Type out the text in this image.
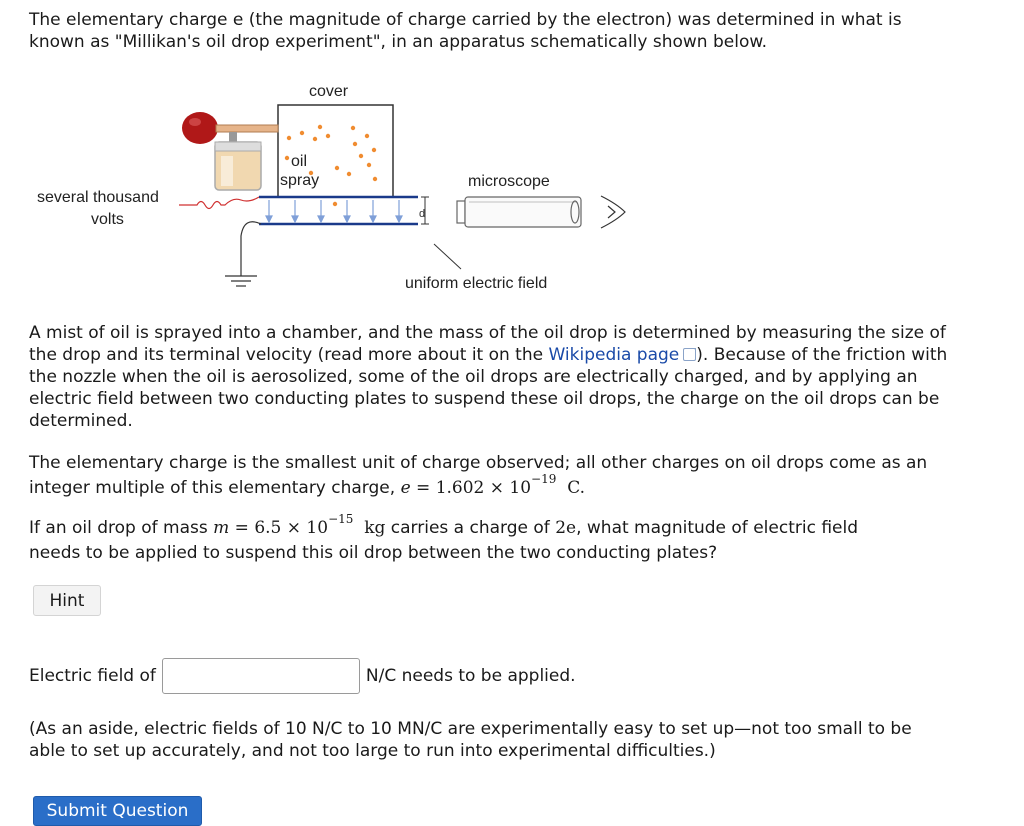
The elementary charge e (the magnitude of charge carried by the electron) was determined in what is
known as "Millikan's oil drop experiment", in an apparatus schematically shown below.

cover
oil
spray
d
several thousand
volts
uniform electric field
microscope

A mist of oil is sprayed into a chamber, and the mass of the oil drop is determined by measuring the size of the drop and its terminal velocity (read more about it on the Wikipedia page ). Because of the friction with the nozzle when the oil is aerosolized, some of the oil drops are electrically charged, and by applying an electric field between two conducting plates to suspend these oil drops, the charge on the oil drops can be determined.

The elementary charge is the smallest unit of charge observed; all other charges on oil drops come as an
integer multiple of this elementary charge, $e = 1.602 \times 10^{-19}$ C.

If an oil drop of mass $m = 6.5 \times 10^{-15}$ kg carries a charge of 2e, what magnitude of electric field
needs to be applied to suspend this oil drop between the two conducting plates?

Hint
Electric field of	N/C needs to be applied.

(As an aside, electric fields of 10 N/C to 10 MN/C are experimentally easy to set up—not too small to be able to set up accurately, and not too large to run into experimental difficulties.)

Submit Question
